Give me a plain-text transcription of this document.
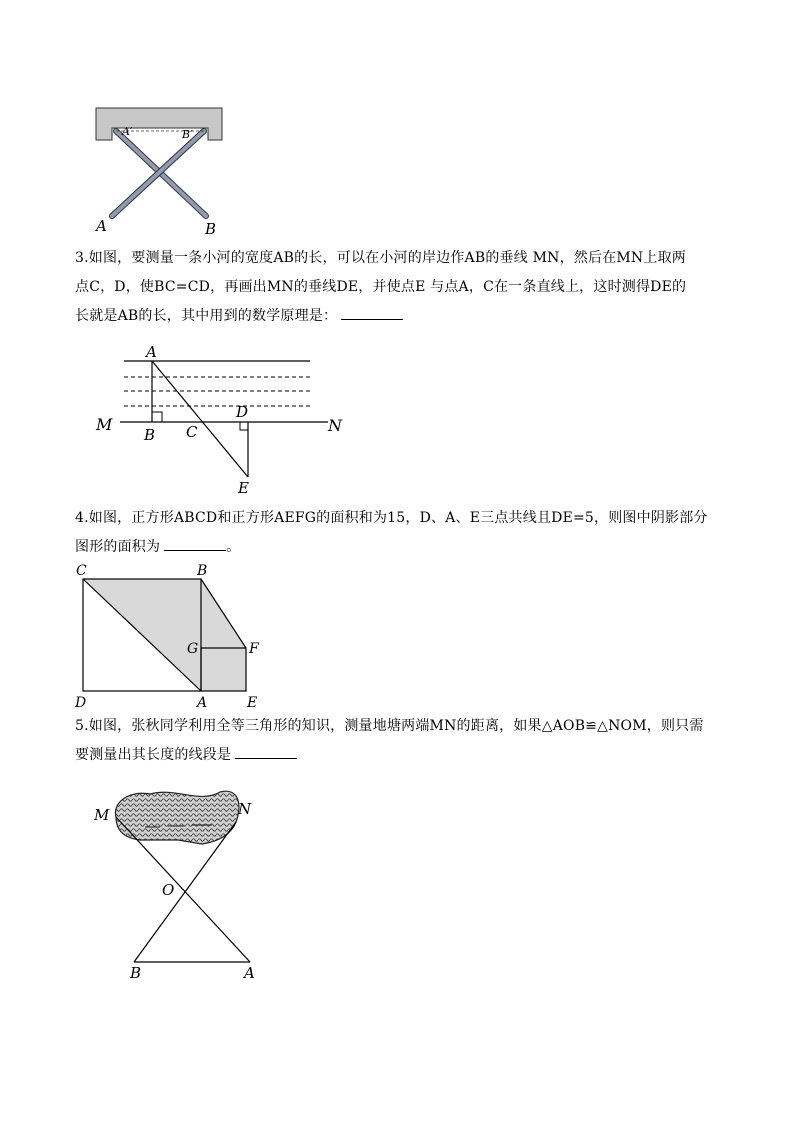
A′	B′
A	B
3.如图，要测量一条小河的宽度AB的长，可以在小河的岸边作AB的垂线 MN，然后在MN上取两
点C，D，使BC=CD，再画出MN的垂线DE，并使点E 与点A，C在一条直线上，这时测得DE的
长就是AB的长，其中用到的数学原理是：
A
M
B C
D
N
E
4.如图，正方形ABCD和正方形AEFG的面积和为15，D、A、E三点共线且DE=5，则图中阴影部分
图形的面积为	。
C	B
G	F
D	A	E
5.如图，张秋同学利用全等三角形的知识，测量地塘两端MN的距离，如果△AOB≌△NOM，则只需
要测量出其长度的线段是
M	N
O
B	A
